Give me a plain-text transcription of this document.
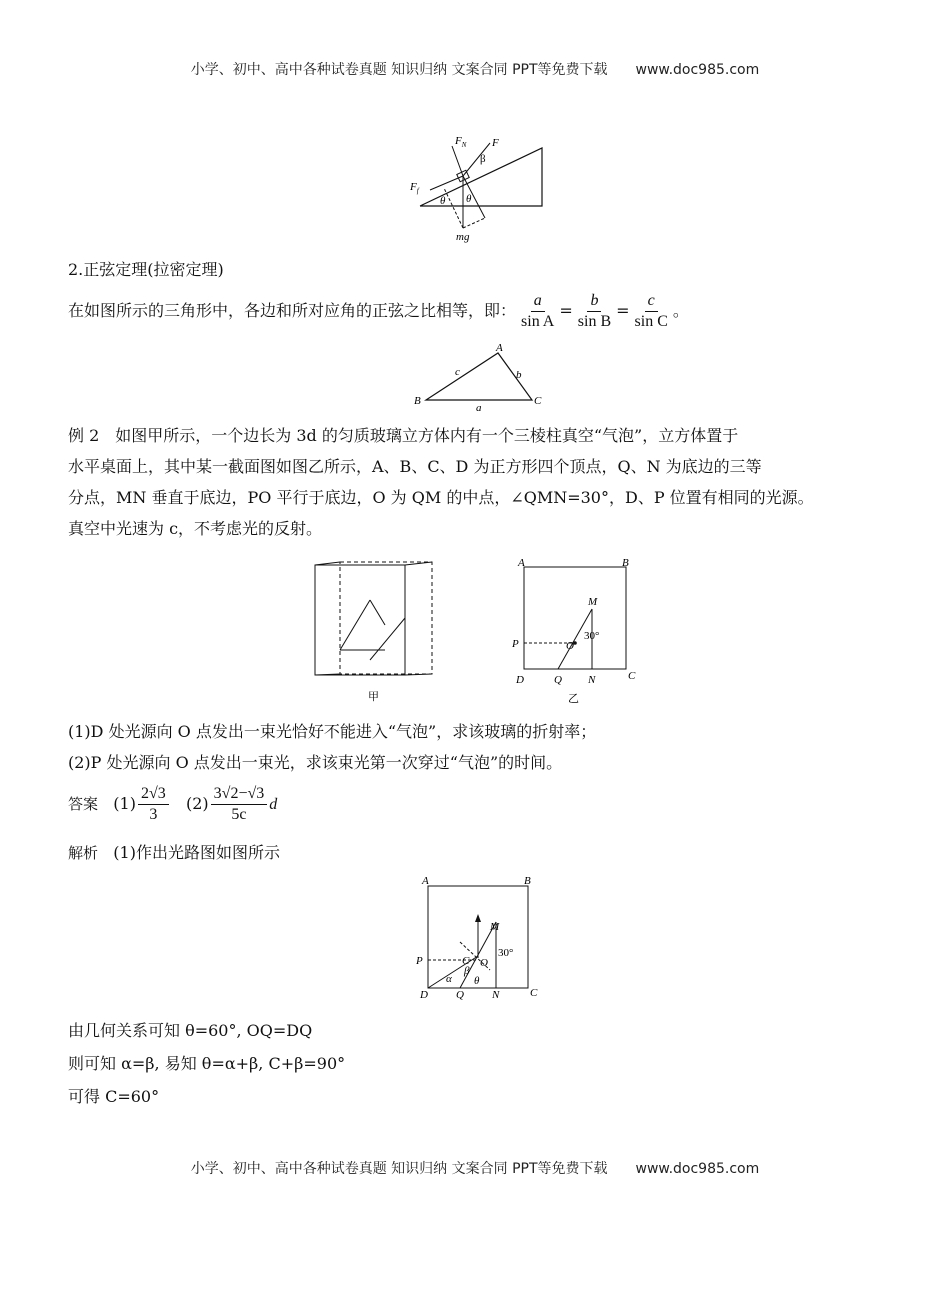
小学、初中、高中各种试卷真题 知识归纳 文案合同 PPT等免费下载 www.doc985.com
$F_N$ F
β
$F_f$
θ θ
mg
2.正弦定理(拉密定理)
在如图所示的三角形中，各边和所对应角的正弦之比相等，即： $\frac{a}{\text{sin A}} = \frac{b}{\text{sin B}} = \frac{c}{\text{sin C}}$ 。
A
B	C
a
b
c
例 2　如图甲所示，一个边长为 3d 的匀质玻璃立方体内有一个三棱柱真空“气泡”，立方体置于
水平桌面上，其中某一截面图如图乙所示，A、B、C、D 为正方形四个顶点，Q、N 为底边的三等
分点，MN 垂直于底边，PO 平行于底边，O 为 QM 的中点，∠QMN=30°，D、P 位置有相同的光源。
真空中光速为 c，不考虑光的反射。
甲
A	B
C
D
P	O
M
Q N
30°
乙
(1)D 处光源向 O 点发出一束光恰好不能进入“气泡”，求该玻璃的折射率；
(2)P 处光源向 O 点发出一束光，求该束光第一次穿过“气泡”的时间。
答案 $(1) \frac{2√3}{3} (2) \frac{3√2-√3}{5c}$ d
解析 (1)作出光路图如图所示
A	B
C
D
P	O
M
Q	N
30°
C
α
β
θ
由几何关系可知 θ=60°, OQ=DQ
则可知 α=β, 易知 θ=α+β, C+β=90°
可得 C=60°
小学、初中、高中各种试卷真题 知识归纳 文案合同 PPT等免费下载 www.doc985.com
